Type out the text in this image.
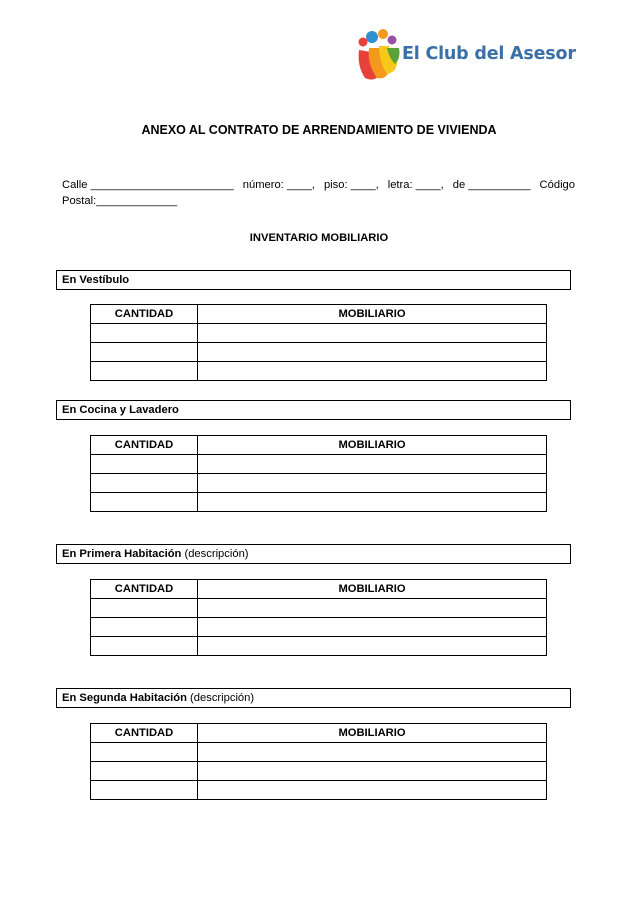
El Club del Asesor
ANEXO AL CONTRATO DE ARRENDAMIENTO DE VIVIENDA
Calle _______________________ número: ____, piso: ____, letra: ____, de __________ Código
Postal:_____________
INVENTARIO MOBILIARIO
En Vestíbulo
CANTIDAD	MOBILIARIO

En Cocina y Lavadero
CANTIDAD	MOBILIARIO

En Primera Habitación (descripción)
CANTIDAD	MOBILIARIO

En Segunda Habitación (descripción)
CANTIDAD	MOBILIARIO
